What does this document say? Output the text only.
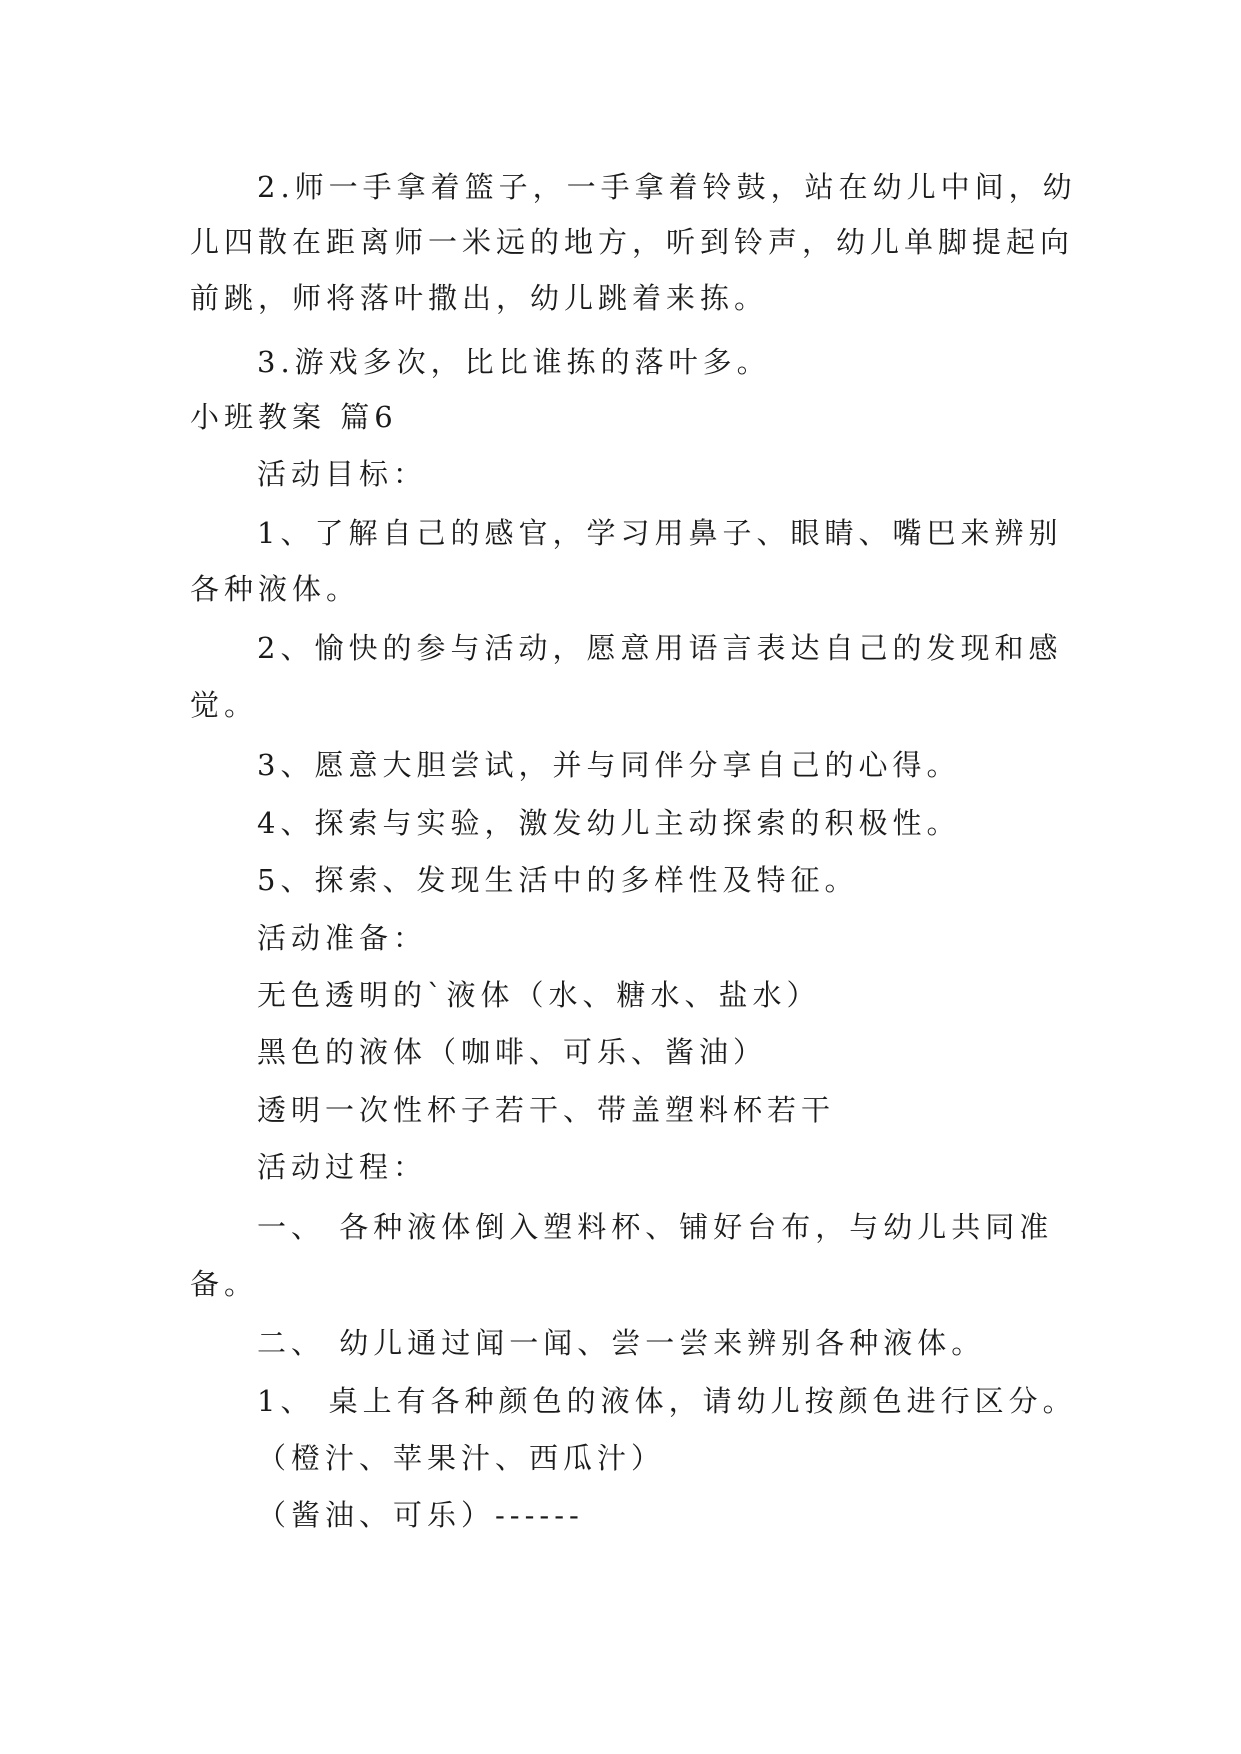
2.师一手拿着篮子，一手拿着铃鼓，站在幼儿中间，幼
儿四散在距离师一米远的地方，听到铃声，幼儿单脚提起向
前跳，师将落叶撒出，幼儿跳着来拣。
3.游戏多次，比比谁拣的落叶多。
小班教案 篇6
活动目标：
1、了解自己的感官，学习用鼻子、眼睛、嘴巴来辨别
各种液体。
2、愉快的参与活动，愿意用语言表达自己的发现和感
觉。
3、愿意大胆尝试，并与同伴分享自己的心得。
4、探索与实验，激发幼儿主动探索的积极性。
5、探索、发现生活中的多样性及特征。
活动准备：
无色透明的`液体（水、糖水、盐水）
黑色的液体（咖啡、可乐、酱油）
透明一次性杯子若干、带盖塑料杯若干
活动过程：
一、 各种液体倒入塑料杯、铺好台布，与幼儿共同准
备。
二、 幼儿通过闻一闻、尝一尝来辨别各种液体。
1、 桌上有各种颜色的液体，请幼儿按颜色进行区分。
（橙汁、苹果汁、西瓜汁）
（酱油、可乐）------
